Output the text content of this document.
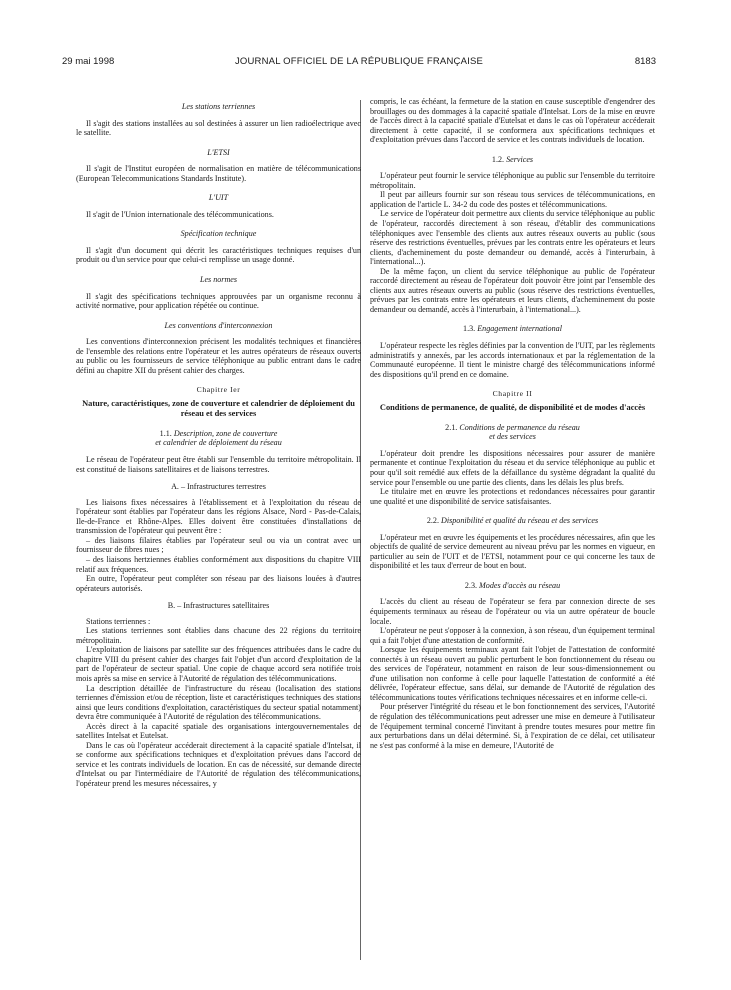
29 mai 1998	JOURNAL OFFICIEL DE LA RÉPUBLIQUE FRANÇAISE	8183
Les stations terriennes

Il s'agit des stations installées au sol destinées à assurer un lien radioélectrique avec le satellite.

L'ETSI

Il s'agit de l'Institut européen de normalisation en matière de télécommunications (European Telecommunications Standards Institute).

L'UIT

Il s'agit de l'Union internationale des télécommunications.

Spécification technique

Il s'agit d'un document qui décrit les caractéristiques techniques requises d'un produit ou d'un service pour que celui-ci remplisse un usage donné.

Les normes

Il s'agit des spécifications techniques approuvées par un organisme reconnu à activité normative, pour application répétée ou continue.

Les conventions d'interconnexion

Les conventions d'interconnexion précisent les modalités techniques et financières de l'ensemble des relations entre l'opérateur et les autres opérateurs de réseaux ouverts au public ou les fournisseurs de service téléphonique au public entrant dans le cadre défini au chapitre XII du présent cahier des charges.

Chapitre Ier
Nature, caractéristiques, zone de couverture et calendrier de déploiement du réseau et des services
1.1. Description, zone de couverture
et calendrier de déploiement du réseau

Le réseau de l'opérateur peut être établi sur l'ensemble du territoire métropolitain. Il est constitué de liaisons satellitaires et de liaisons terrestres.

A. – Infrastructures terrestres

Les liaisons fixes nécessaires à l'établissement et à l'exploitation du réseau de l'opérateur sont établies par l'opérateur dans les régions Alsace, Nord - Pas-de-Calais, Ile-de-France et Rhône-Alpes. Elles doivent être constituées d'installations de transmission de l'opérateur qui peuvent être :

– des liaisons filaires établies par l'opérateur seul ou via un contrat avec un fournisseur de fibres nues ;

– des liaisons hertziennes établies conformément aux dispositions du chapitre VIII relatif aux fréquences.

En outre, l'opérateur peut compléter son réseau par des liaisons louées à d'autres opérateurs autorisés.

B. – Infrastructures satellitaires

Stations terriennes :

Les stations terriennes sont établies dans chacune des 22 régions du territoire métropolitain.

L'exploitation de liaisons par satellite sur des fréquences attribuées dans le cadre du chapitre VIII du présent cahier des charges fait l'objet d'un accord d'exploitation de la part de l'opérateur de secteur spatial. Une copie de chaque accord sera notifiée trois mois après sa mise en service à l'Autorité de régulation des télécommunications.

La description détaillée de l'infrastructure du réseau (localisation des stations terriennes d'émission et/ou de réception, liste et caractéristiques techniques des stations ainsi que leurs conditions d'exploitation, caractéristiques du secteur spatial notamment) devra être communiquée à l'Autorité de régulation des télécommunications.

Accès direct à la capacité spatiale des organisations intergouvernementales de satellites Intelsat et Eutelsat.

Dans le cas où l'opérateur accéderait directement à la capacité spatiale d'Intelsat, il se conforme aux spécifications techniques et d'exploitation prévues dans l'accord de service et les contrats individuels de location. En cas de nécessité, sur demande directe d'Intelsat ou par l'intermédiaire de l'Autorité de régulation des télécommunications, l'opérateur prend les mesures nécessaires, y

compris, le cas échéant, la fermeture de la station en cause susceptible d'engendrer des brouillages ou des dommages à la capacité spatiale d'Intelsat. Lors de la mise en œuvre de l'accès direct à la capacité spatiale d'Eutelsat et dans le cas où l'opérateur accéderait directement à cette capacité, il se conformera aux spécifications techniques et d'exploitation prévues dans l'accord de service et les contrats individuels de location.

1.2. Services

L'opérateur peut fournir le service téléphonique au public sur l'ensemble du territoire métropolitain.

Il peut par ailleurs fournir sur son réseau tous services de télécommunications, en application de l'article L. 34-2 du code des postes et télécommunications.

Le service de l'opérateur doit permettre aux clients du service téléphonique au public de l'opérateur, raccordés directement à son réseau, d'établir des communications téléphoniques avec l'ensemble des clients aux autres réseaux ouverts au public (sous réserve des restrictions éventuelles, prévues par les contrats entre les opérateurs et leurs clients, d'acheminement du poste demandeur ou demandé, accès à l'interurbain, à l'international...).

De la même façon, un client du service téléphonique au public de l'opérateur raccordé directement au réseau de l'opérateur doit pouvoir être joint par l'ensemble des clients aux autres réseaux ouverts au public (sous réserve des restrictions éventuelles, prévues par les contrats entre les opérateurs et leurs clients, d'acheminement du poste demandeur ou demandé, accès à l'interurbain, à l'international...).

1.3. Engagement international

L'opérateur respecte les règles définies par la convention de l'UIT, par les règlements administratifs y annexés, par les accords internationaux et par la réglementation de la Communauté européenne. Il tient le ministre chargé des télécommunications informé des dispositions qu'il prend en ce domaine.

Chapitre II
Conditions de permanence, de qualité, de disponibilité et de modes d'accès
2.1. Conditions de permanence du réseau
et des services

L'opérateur doit prendre les dispositions nécessaires pour assurer de manière permanente et continue l'exploitation du réseau et du service téléphonique au public et pour qu'il soit remédié aux effets de la défaillance du système dégradant la qualité du service pour l'ensemble ou une partie des clients, dans les délais les plus brefs.

Le titulaire met en œuvre les protections et redondances nécessaires pour garantir une qualité et une disponibilité de service satisfaisantes.

2.2. Disponibilité et qualité du réseau et des services

L'opérateur met en œuvre les équipements et les procédures nécessaires, afin que les objectifs de qualité de service demeurent au niveau prévu par les normes en vigueur, en particulier au sein de l'UIT et de l'ETSI, notamment pour ce qui concerne les taux de disponibilité et les taux d'erreur de bout en bout.

2.3. Modes d'accès au réseau

L'accès du client au réseau de l'opérateur se fera par connexion directe de ses équipements terminaux au réseau de l'opérateur ou via un autre opérateur de boucle locale.

L'opérateur ne peut s'opposer à la connexion, à son réseau, d'un équipement terminal qui a fait l'objet d'une attestation de conformité.

Lorsque les équipements terminaux ayant fait l'objet de l'attestation de conformité connectés à un réseau ouvert au public perturbent le bon fonctionnement du réseau ou des services de l'opérateur, notamment en raison de leur sous-dimensionnement ou d'une utilisation non conforme à celle pour laquelle l'attestation de conformité a été délivrée, l'opérateur effectue, sans délai, sur demande de l'Autorité de régulation des télécommunications toutes vérifications techniques nécessaires et en informe celle-ci.

Pour préserver l'intégrité du réseau et le bon fonctionnement des services, l'Autorité de régulation des télécommunications peut adresser une mise en demeure à l'utilisateur de l'équipement terminal concerné l'invitant à prendre toutes mesures pour mettre fin aux perturbations dans un délai déterminé. Si, à l'expiration de ce délai, cet utilisateur ne s'est pas conformé à la mise en demeure, l'Autorité de
